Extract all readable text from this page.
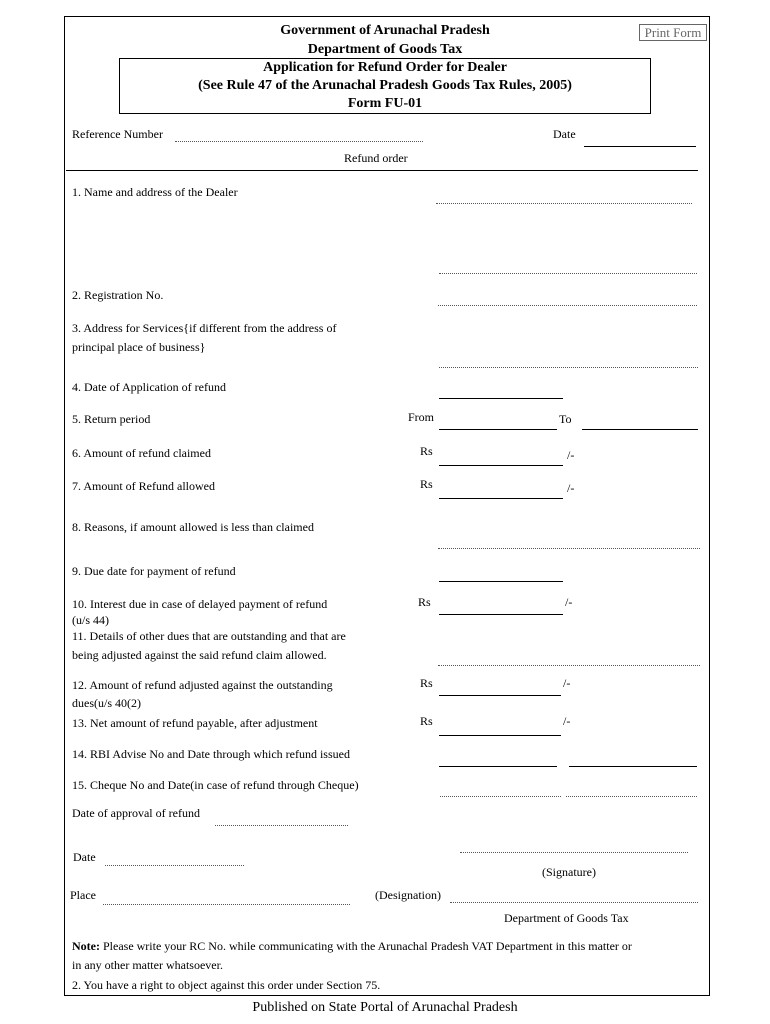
Government of Arunachal Pradesh
Department of Goods Tax
Print Form
Application for Refund Order for Dealer
(See Rule 47 of the Arunachal Pradesh Goods Tax Rules, 2005)
Form FU-01
Reference Number	Date
Refund order
1. Name and address of the Dealer
2. Registration No.
3. Address for Services{if different from the address of
principal place of business}
4. Date of Application of refund
5. Return period	From	To
6. Amount of refund claimed	Rs	/-
7. Amount of Refund allowed	Rs	/-
8. Reasons, if amount allowed is less than claimed
9. Due date for payment of refund
10. Interest due in case of delayed payment of refund
(u/s 44)
Rs	/-
11. Details of other dues that are outstanding and that are
being adjusted against the said refund claim allowed.
12. Amount of refund adjusted against the outstanding
dues(u/s 40(2)
Rs	/-
13. Net amount of refund payable, after adjustment	Rs	/-
14. RBI Advise No and Date through which refund issued
15. Cheque No and Date(in case of refund through Cheque)
Date of approval of refund
Date
(Signature)
Place	(Designation)
Department of Goods Tax
Note: Please write your RC No. while communicating with the Arunachal Pradesh VAT Department in this matter or
in any other matter whatsoever.
2. You have a right to object against this order under Section 75.
Published on State Portal of Arunachal Pradesh
